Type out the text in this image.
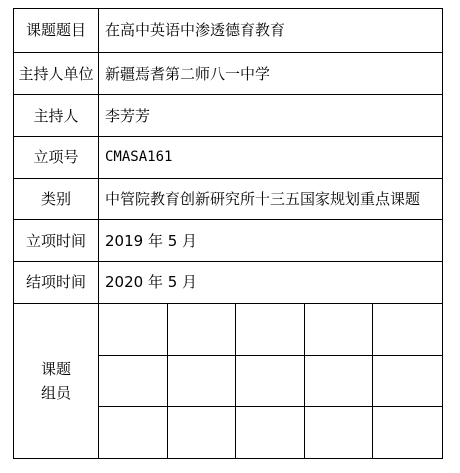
课题题目	在高中英语中渗透德育教育				
主持人单位	新疆焉耆第二师八一中学				
主持人	李芳芳				
立项号	CMASA161				
类别	中管院教育创新研究所十三五国家规划重点课题				
立项时间	2019 年 5 月				
结项时间	2020 年 5 月				

课题
组员					
